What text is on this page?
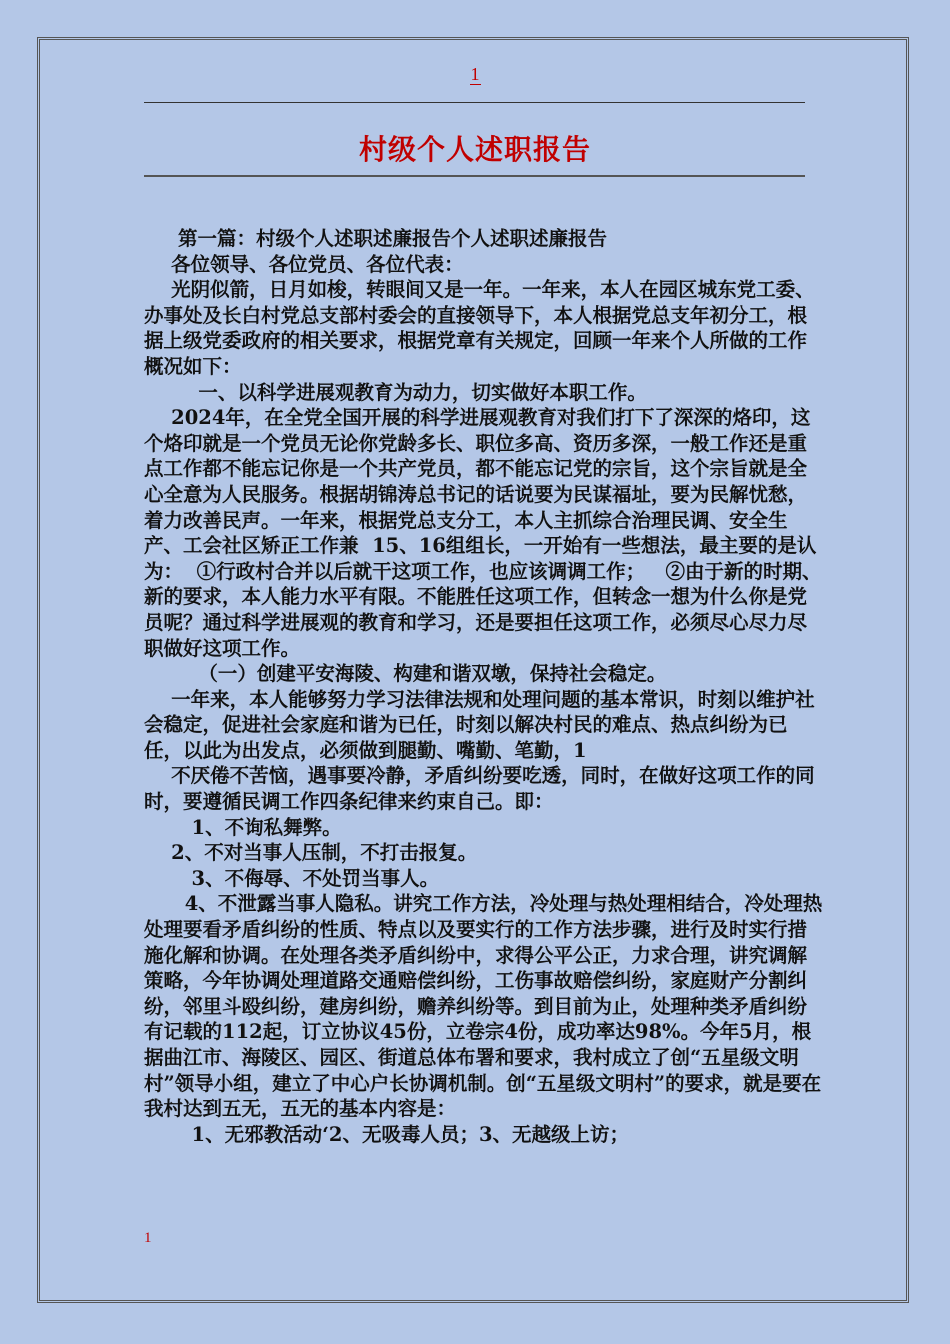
1
村级个人述职报告

第一篇：村级个人述职述廉报告个人述职述廉报告

各位领导、各位党员、各位代表：

光阴似箭，日月如梭，转眼间又是一年。一年来，本人在园区城东党工委、办事处及长白村党总支部村委会的直接领导下，本人根据党总支年初分工，根据上级党委政府的相关要求，根据党章有关规定，回顾一年来个人所做的工作概况如下：

一、以科学进展观教育为动力，切实做好本职工作。

2024年，在全党全国开展的科学进展观教育对我们打下了深深的烙印，这个烙印就是一个党员无论你党龄多长、职位多高、资历多深，一般工作还是重点工作都不能忘记你是一个共产党员，都不能忘记党的宗旨，这个宗旨就是全心全意为人民服务。根据胡锦涛总书记的话说要为民谋福址，要为民解忧愁，着力改善民声。一年来，根据党总支分工，本人主抓综合治理民调、安全生产、工会社区矫正工作兼  15、16组组长，一开始有一些想法，最主要的是认为：  ①行政村合并以后就干这项工作，也应该调调工作；   ②由于新的时期、新的要求，本人能力水平有限。不能胜任这项工作，但转念一想为什么你是党员呢？通过科学进展观的教育和学习，还是要担任这项工作，必须尽心尽力尽职做好这项工作。

（一）创建平安海陵、构建和谐双墩，保持社会稳定。

一年来，本人能够努力学习法律法规和处理问题的基本常识，时刻以维护社会稳定，促进社会家庭和谐为已任，时刻以解决村民的难点、热点纠纷为已任，以此为出发点，必须做到腿勤、嘴勤、笔勤，1

不厌倦不苦恼，遇事要冷静，矛盾纠纷要吃透，同时，在做好这项工作的同时，要遵循民调工作四条纪律来约束自己。即：

1、不询私舞弊。

2、不对当事人压制，不打击报复。

3、不侮辱、不处罚当事人。

4、不泄露当事人隐私。讲究工作方法，冷处理与热处理相结合，冷处理热处理要看矛盾纠纷的性质、特点以及要实行的工作方法步骤，进行及时实行措施化解和协调。在处理各类矛盾纠纷中，求得公平公正，力求合理，讲究调解策略，今年协调处理道路交通赔偿纠纷，工伤事故赔偿纠纷，家庭财产分割纠纷，邻里斗殴纠纷，建房纠纷，赡养纠纷等。到目前为止，处理种类矛盾纠纷有记载的112起，订立协议45份，立卷宗4份，成功率达98%。今年5月，根据曲江市、海陵区、园区、街道总体布署和要求，我村成立了创“五星级文明村”领导小组，建立了中心户长协调机制。创“五星级文明村”的要求，就是要在我村达到五无，五无的基本内容是：

1、无邪教活动‘2、无吸毒人员；3、无越级上访；

1
